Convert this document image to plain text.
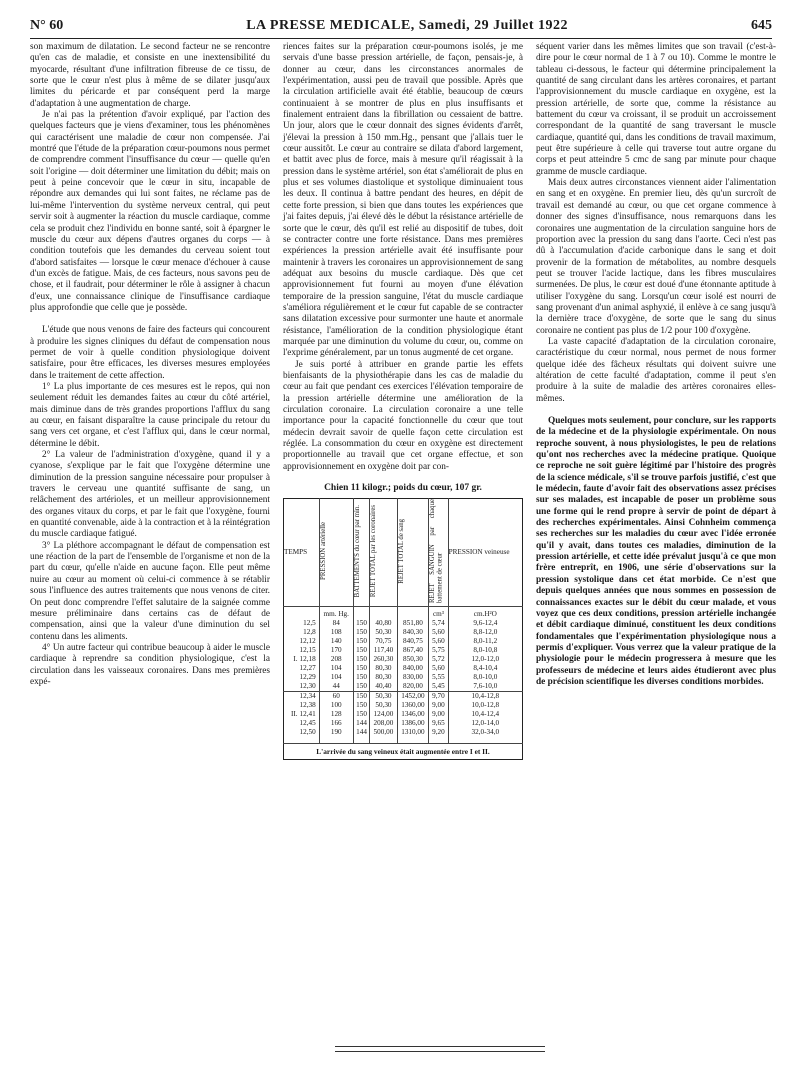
N° 60	LA PRESSE MEDICALE, Samedi, 29 Juillet 1922	645

son maximum de dilatation. Le second facteur ne se rencontre qu'en cas de maladie, et consiste en une inextensibilité du myocarde, résultant d'une infiltration fibreuse de ce tissu, de sorte que le cœur n'est plus à même de se dilater jusqu'aux limites du péricarde et par conséquent perd la marge d'adaptation à une augmentation de charge.

Je n'ai pas la prétention d'avoir expliqué, par l'action des quelques facteurs que je viens d'examiner, tous les phénomènes qui caractérisent une maladie de cœur non compensée. J'ai montré que l'étude de la préparation cœur-poumons nous permet de comprendre comment l'insuffisance du cœur — quelle qu'en soit l'origine — doit déterminer une limitation du débit; mais on peut à peine concevoir que le cœur in situ, incapable de répondre aux demandes qui lui sont faites, ne réclame pas de lui-même l'intervention du système nerveux central, qui peut servir soit à augmenter la réaction du muscle cardiaque, comme cela se produit chez l'individu en bonne santé, soit à épargner le muscle du cœur aux dépens d'autres organes du corps — à condition toutefois que les demandes du cerveau soient tout d'abord satisfaites — lorsque le cœur menace d'échouer à cause d'un excès de fatigue. Mais, de ces facteurs, nous savons peu de chose, et il faudrait, pour déterminer le rôle à assigner à chacun d'eux, une connaissance clinique de l'insuffisance cardiaque plus approfondie que celle que je possède.

L'étude que nous venons de faire des facteurs qui concourent à produire les signes cliniques du défaut de compensation nous permet de voir à quelle condition physiologique doivent satisfaire, pour être efficaces, les diverses mesures employées dans le traitement de cette affection.

1° La plus importante de ces mesures est le repos, qui non seulement réduit les demandes faites au cœur du côté artériel, mais diminue dans de très grandes proportions l'afflux du sang au cœur, en faisant disparaître la cause principale du retour du sang vers cet organe, et c'est l'afflux qui, dans le cœur normal, détermine le débit.

2° La valeur de l'administration d'oxygène, quand il y a cyanose, s'explique par le fait que l'oxygène détermine une diminution de la pression sanguine nécessaire pour propulser à travers le cerveau une quantité suffisante de sang, un relâchement des artérioles, et un meilleur approvisionnement des organes vitaux du corps, et par le fait que l'oxygène, fourni en quantité convenable, aide à la contraction et à la réintégration du muscle cardiaque fatigué.

3° La pléthore accompagnant le défaut de compensation est une réaction de la part de l'ensemble de l'organisme et non de la part du cœur, qu'elle n'aide en aucune façon. Elle peut même nuire au cœur au moment où celui-ci commence à se rétablir sous l'influence des autres traitements que nous venons de citer. On peut donc comprendre l'effet salutaire de la saignée comme mesure préliminaire dans certains cas de défaut de compensation, ainsi que la valeur d'une diminution du sel contenu dans les aliments.

4° Un autre facteur qui contribue beaucoup à aider le muscle cardiaque à reprendre sa condition physiologique, c'est la circulation dans les vaisseaux coronaires. Dans mes premières expé-

riences faites sur la préparation cœur-poumons isolés, je me servais d'une basse pression artérielle, de façon, pensais-je, à donner au cœur, dans les circonstances anormales de l'expérimentation, aussi peu de travail que possible. Après que la circulation artificielle avait été établie, beaucoup de cœurs continuaient à se montrer de plus en plus insuffisants et finalement entraient dans la fibrillation ou cessaient de battre. Un jour, alors que le cœur donnait des signes évidents d'arrêt, j'élevai la pression à 150 mm.Hg., pensant que j'allais tuer le cœur aussitôt. Le cœur au contraire se dilata d'abord largement, et battit avec plus de force, mais à mesure qu'il réagissait à la pression dans le système artériel, son état s'améliorait de plus en plus et ses volumes diastolique et systolique diminuaient tous les deux. Il continua à battre pendant des heures, en dépit de cette forte pression, si bien que dans toutes les expériences que j'ai faites depuis, j'ai élevé dès le début la résistance artérielle de sorte que le cœur, dès qu'il est relié au dispositif de tubes, doit se contracter contre une forte résistance. Dans mes premières expériences la pression artérielle avait été insuffisante pour maintenir à travers les coronaires un approvisionnement de sang adéquat aux besoins du muscle cardiaque. Dès que cet approvisionnement fut fourni au moyen d'une élévation temporaire de la pression sanguine, l'état du muscle cardiaque s'améliora régulièrement et le cœur fut capable de se contracter sans dilatation excessive pour surmonter une haute et anormale résistance, l'amélioration de la condition physiologique étant marquée par une diminution du volume du cœur, ou, comme on l'exprime généralement, par un tonus augmenté de cet organe.

Je suis porté à attribuer en grande partie les effets bienfaisants de la physiothérapie dans les cas de maladie du cœur au fait que pendant ces exercices l'élévation temporaire de la pression artérielle détermine une amélioration de la circulation coronaire. La circulation coronaire a une telle importance pour la capacité fonctionnelle du cœur que tout médecin devrait savoir de quelle façon cette circulation est réglée. La consommation du cœur en oxygène est directement proportionnelle au travail que cet organe effectue, et son approvisionnement en oxygène doit par con-

Chien 11 kilogr.; poids du cœur, 107 gr.
TEMPS	PRESSION artérielle	BATTEMENTS du cœur par min.	REJET TOTAL par les coronaires	REJET TOTAL de sang	REJET SANGUIN par chaque battement de cœur	PRESSION veineuse
	mm. Hg.				cm³	cm.H²O
12,5	84	150	40,80	851,80	5,74	9,6-12,4
12,8	108	150	50,30	840,30	5,60	8,8-12,0
12,12	140	150	70,75	840,75	5,60	8,0-11,2
12,15	170	150	117,40	867,40	5,75	8,0-10,8
I. 12,18	208	150	260,30	850,30	5,72	12,0-12,0
12,27	104	150	80,30	840,00	5,60	8,4-10,4
12,29	104	150	80,30	830,00	5,55	8,0-10,0
12,30	44	150	40,40	820,00	5,45	7,6-10,0
12,34	60	150	50,30	1452,00	9,70	10,4-12,8
12,38	100	150	50,30	1360,00	9,00	10,0-12,8
II. 12,41	128	150	124,00	1346,00	9,00	10,4-12,4
12,45	166	144	208,00	1386,00	9,65	12,0-14,0
12,50	190	144	500,00	1310,00	9,20	32,0-34,0

L'arrivée du sang veineux était augmentée entre I et II.						

séquent varier dans les mêmes limites que son travail (c'est-à-dire pour le cœur normal de 1 à 7 ou 10). Comme le montre le tableau ci-dessous, le facteur qui détermine principalement la quantité de sang circulant dans les artères coronaires, et partant l'approvisionnement du muscle cardiaque en oxygène, est la pression artérielle, de sorte que, comme la résistance au battement du cœur va croissant, il se produit un accroissement correspondant de la quantité de sang traversant le muscle cardiaque, quantité qui, dans les conditions de travail maximum, peut être supérieure à celle qui traverse tout autre organe du corps et peut atteindre 5 cmc de sang par minute pour chaque gramme de muscle cardiaque.

Mais deux autres circonstances viennent aider l'alimentation en sang et en oxygène. En premier lieu, dès qu'un surcroît de travail est demandé au cœur, ou que cet organe commence à donner des signes d'insuffisance, nous remarquons dans les coronaires une augmentation de la circulation sanguine hors de proportion avec la pression du sang dans l'aorte. Ceci n'est pas dû à l'accumulation d'acide carbonique dans le sang et doit provenir de la formation de métabolites, au nombre desquels peut se trouver l'acide lactique, dans les fibres musculaires surmenées. De plus, le cœur est doué d'une étonnante aptitude à utiliser l'oxygène du sang. Lorsqu'un cœur isolé est nourri de sang provenant d'un animal asphyxié, il enlève à ce sang jusqu'à la dernière trace d'oxygène, de sorte que le sang du sinus coronaire ne contient pas plus de 1/2 pour 100 d'oxygène.

La vaste capacité d'adaptation de la circulation coronaire, caractéristique du cœur normal, nous permet de nous former quelque idée des fâcheux résultats qui doivent suivre une altération de cette faculté d'adaptation, comme il peut s'en produire à la suite de maladie des artères coronaires elles-mêmes.

Quelques mots seulement, pour conclure, sur les rapports de la médecine et de la physiologie expérimentale. On nous reproche souvent, à nous physiologistes, le peu de relations qu'ont nos recherches avec la médecine pratique. Quoique ce reproche ne soit guère légitimé par l'histoire des progrès de la science médicale, s'il se trouve parfois justifié, c'est que le médecin, faute d'avoir fait des observations assez précises sur ses malades, est incapable de poser un problème sous une forme qui le rend propre à servir de point de départ à des recherches expérimentales. Ainsi Cohnheim commença ses recherches sur les maladies du cœur avec l'idée erronée qu'il y avait, dans toutes ces maladies, diminution de la pression artérielle, et cette idée prévalut jusqu'à ce que mon frère entreprît, en 1906, une série d'observations sur la pression systolique dans cet état morbide. Ce n'est que depuis quelques années que nous sommes en possession de connaissances exactes sur le débit du cœur malade, et vous voyez que ces deux conditions, pression artérielle inchangée et débit cardiaque diminué, constituent les deux conditions fondamentales que l'expérimentation physiologique nous a permis d'expliquer. Vous verrez que la valeur pratique de la physiologie pour le médecin progressera à mesure que les professeurs de médecine et leurs aides étudieront avec plus de précision scientifique les diverses conditions morbides.
